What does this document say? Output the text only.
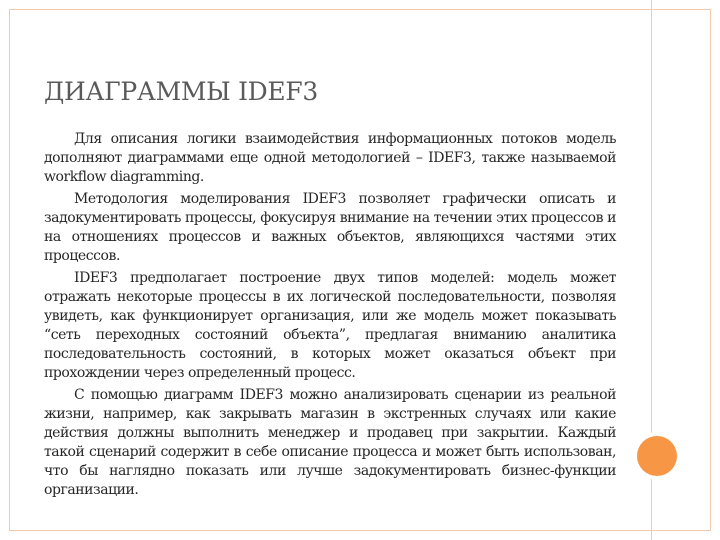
ДИАГРАММЫ IDEF3

Для описания логики взаимодействия информационных потоков модель дополняют диаграммами еще одной методологией – IDEF3, также называемой workflow diagramming.

Методология моделирования IDEF3 позволяет графически описать и задокументировать процессы, фокусируя внимание на течении этих процессов и на отношениях процессов и важных объектов, являющихся частями этих процессов.

IDEF3 предполагает построение двух типов моделей: модель может отражать некоторые процессы в их логической последовательности, позволяя увидеть, как функционирует организация, или же модель может показывать “сеть переходных состояний объекта”, предлагая вниманию аналитика последовательность состояний, в которых может оказаться объект при прохождении через определенный процесс.

С помощью диаграмм IDEF3 можно анализировать сценарии из реальной жизни, например, как закрывать магазин в экстренных случаях или какие действия должны выполнить менеджер и продавец при закрытии. Каждый такой сценарий содержит в себе описание процесса и может быть использован, что бы наглядно показать или лучше задокументировать бизнес-функции организации.
